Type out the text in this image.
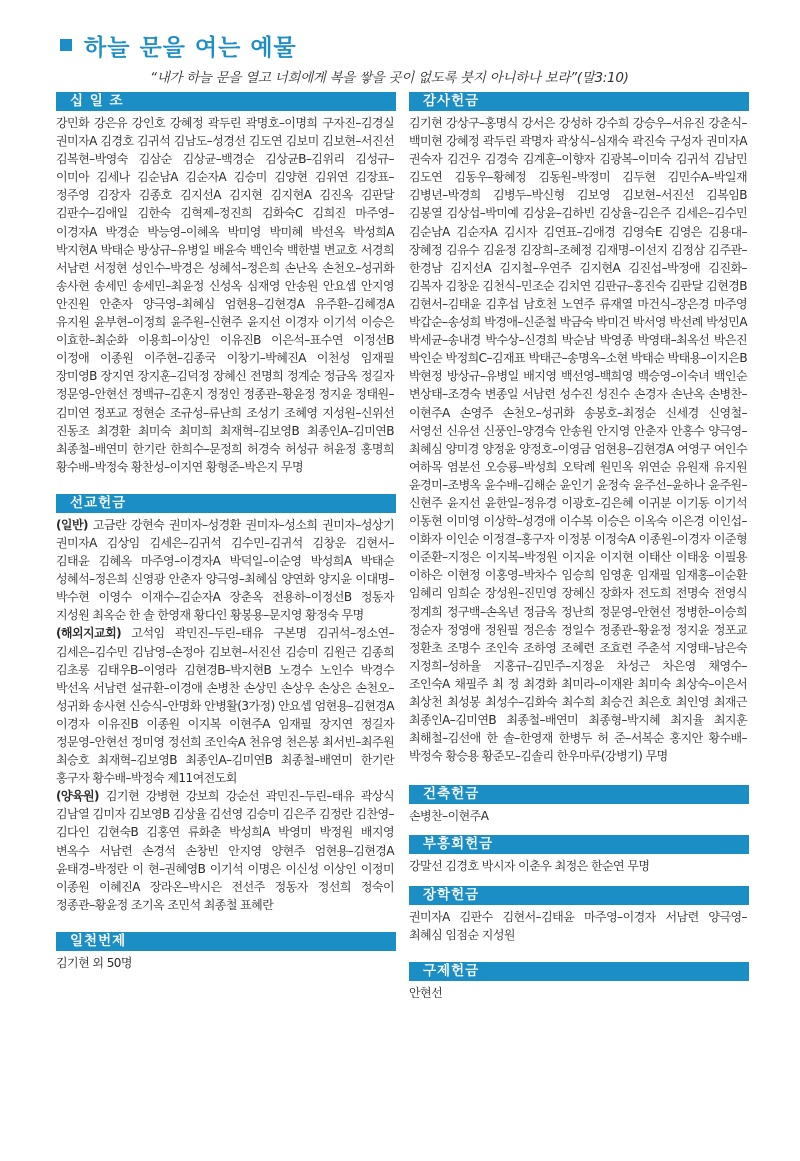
하늘 문을 여는 예물
“내가 하늘 문을 열고 너희에게 복을 쌓을 곳이 없도록 붓지 아니하나 보라”(말3:10)
십 일 조

강민화 강은유 강인호 강혜정 곽두린 곽명호–이명희 구자진–김경실 권미자A 김경호 김귀석 김남도–성경선 김도연 김보미 김보현–서진선 김복현–박영숙 김삼순 김상균–백경순 김상균B–김위리 김성규–이미아 김세나 김순남A 김순자A 김승미 김양현 김위연 김장표–정주영 김장자 김종호 김지선A 김지현 김지현A 김진옥 김판달 김판수–김애일 김한숙 김혁제–정진희 김화숙C 김희진 마주영–이경자A 박경순 박능영–이혜옥 박미영 박미혜 박선옥 박성희A 박지현A 박태순 방상규–유병일 배윤숙 백인숙 백한별 변교호 서경희 서남련 서정현 성인수–박경은 성혜석–정은희 손난옥 손천오–성귀화 송사현 송세민 송세민–최윤정 신성옥 심재영 안송원 안요셉 안지영 안진원 안춘자 양극영–최혜심 엄현용–김현경A 유주환–김혜경A 유지원 윤부현–이정희 윤주원–신현주 윤지선 이경자 이기석 이승은 이효한–최순화 이용희–이상인 이유진B 이은석–표수연 이정선B 이정애 이종원 이주현–김종국 이창기–박혜진A 이천성 임재필 장미영B 장지연 장지훈–김덕정 장혜신 전명희 정계순 정금옥 정길자 정문영–안현선 정백규–김훈지 정정인 정종관–황윤정 정지윤 정태원–김미연 정포교 정현순 조규성–류난희 조성기 조혜영 지성원–신위선 진동조 최경환 최미숙 최미희 최재혁–김보영B 최종인A–김미연B 최종철–배연미 한기란 한희수–문정희 허경숙 허성규 허윤정 홍명희 황수배–박정숙 황찬성–이지연 황형준–박은지 무명

선교헌금

(일반) 고금란 강현숙 권미자–성경환 권미자–성소희 권미자–성상기 권미자A 김상임 김세은–김귀석 김수민–김귀석 김창운 김현서–김태윤 김혜옥 마주영–이경자A 박덕일–이순영 박성희A 박태순 성혜석–정은희 신영광 안춘자 양극영–최혜심 양연화 양지윤 이대명–박수현 이영수 이재수–김순자A 장춘옥 전용하–이정선B 정동자 지성원 최옥순 한 솔 한영재 황다인 황봉용–문지영 황정숙 무명

(해외지교회) 고석임 곽민진–두린–태유 구본명 김귀석–정소연–김세은–김수민 김남영–손정아 김보현–서진선 김승미 김원근 김종희 김초롱 김태우B–이영라 김현경B–박지현B 노경수 노인수 박경수 박선옥 서남련 설규환–이경애 손병찬 손상민 손상우 손상은 손천오–성귀화 송사현 신승식–안명화 안병활(3가정) 안요셉 엄현용–김현경A 이경자 이유진B 이종원 이지복 이현주A 임재필 장지연 정길자 정문영–안현선 정미영 정선희 조인숙A 천유영 천은봉 최서빈–최주원 최승호 최재혁–김보영B 최종인A–김미연B 최종철–배연미 한기란 홍구자 황수배–박정숙 제11여전도회

(양육원) 김기현 강병현 강보희 강순선 곽민진–두린–태유 곽상식 김남열 김미자 김보영B 김상율 김선영 김승미 김은주 김정란 김찬영–김다인 김현숙B 김홍연 류화춘 박성희A 박영미 박정원 배지영 변옥수 서남련 손경석 손창빈 안지영 양현주 엄현용–김현경A 윤태경–박정란 이 현–권혜영B 이기석 이명은 이신성 이상인 이정미 이종원 이혜진A 장라온–박시은 전선주 정동자 정선희 정숙이 정종관–황윤정 조기옥 조민석 최종철 표혜란

일천번제

김기현 외 50명

감사헌금

김기현 강상구–홍명식 강서은 강성하 강수희 강승우–서유진 강춘식–백미현 강혜정 곽두린 곽명자 곽상식–심재숙 곽진숙 구성자 권미자A 권숙자 김건우 김경숙 김계훈–이향자 김광복–이미숙 김귀석 김남민 김도연 김동우–황혜정 김동원–박정미 김두현 김민수A–박일재 김병년–박경희 김병두–박신형 김보영 김보현–서진선 김복임B 김봉열 김상섭–박미예 김상윤–김하빈 김상율–김은주 김세은–김수민 김순남A 김순자A 김시자 김연표–김애경 김영숙E 김영은 김용대–장혜정 김유수 김윤정 김장희–조혜정 김재명–이선지 김정삼 김주관–한경남 김지선A 김지철–우연주 김지현A 김진섭–박정애 김진화–김복자 김창운 김천식–민조순 김치연 김판규–홍진숙 김판달 김현경B 김현서–김태윤 김후섭 남호천 노연주 류재열 마건식–장은경 마주영 박갑순–송성희 박경애–신준철 박금숙 박미건 박서영 박선례 박성민A 박세균–송내경 박수상–신경희 박순남 박영종 박영태–최옥선 박은진 박인순 박정희C–김재표 박태근–송명옥–소현 박태순 박태용–이지은B 박현정 방상규–유병일 배지영 백선영–백희영 백승영–이숙녀 백인순 변상태–조경숙 변종일 서남련 성수진 성진수 손경자 손난옥 손병찬–이현주A 손영주 손천오–성귀화 송봉호–최정순 신세경 신영철–서영선 신유선 신풍인–양경숙 안송원 안지영 안춘자 안홍수 양극영–최혜심 양미경 양정윤 양정호–이영금 엄현용–김현경A 여영구 여인수 여하목 염분선 오승룡–박성희 오탁례 원민옥 위연순 유원재 유지원 윤경미–조병옥 윤수배–김해순 윤인기 윤정숙 윤주선–윤하나 윤주원–신현주 윤지선 윤한일–정유경 이광호–김은혜 이귀분 이기동 이기석 이동현 이미영 이상학–성경애 이수복 이승은 이옥숙 이은경 이인섭–이화자 이인순 이정결–홍구자 이정봉 이정숙A 이종원–이경자 이준형 이준환–지정은 이지복–박정원 이지윤 이지현 이태산 이태웅 이필용 이하은 이현정 이홍영–박차수 임승희 임영훈 임재필 임재홍–이순환 임혜리 임희순 장성원–진민영 장혜신 장화자 전도희 전명숙 전영식 정계희 정구백–손옥년 정금옥 정난희 정문영–안현선 정병한–이승희 정순자 정영애 정원필 정은송 정일수 정종관–황윤정 정지윤 정포교 정환초 조명수 조인숙 조하영 조혜련 조효련 주춘석 지영태–남은숙 지정희–성하율 지홍규–김민주–지정윤 차성근 차은영 채영수–조인숙A 채필주 최 정 최경화 최미라–이재완 최미숙 최상숙–이은서 최상천 최성봉 최성수–김화숙 최수희 최승건 최은호 최인영 최재근 최종인A–김미연B 최종철–배연미 최종형–박지혜 최지율 최지훈 최해철–김선애 한 솔–한영재 한병두 허 준–서복순 홍지안 황수배–박정숙 황승용 황준모–김솔리 한우마루(강병기) 무명

건축헌금

손병찬–이현주A

부흥회헌금

강말선 김경호 박시자 이춘우 최정은 한순연 무명

장학헌금

권미자A 김판수 김현서–김태윤 마주영–이경자 서남련 양극영–최혜심 임점순 지성원

구제헌금

안현선
